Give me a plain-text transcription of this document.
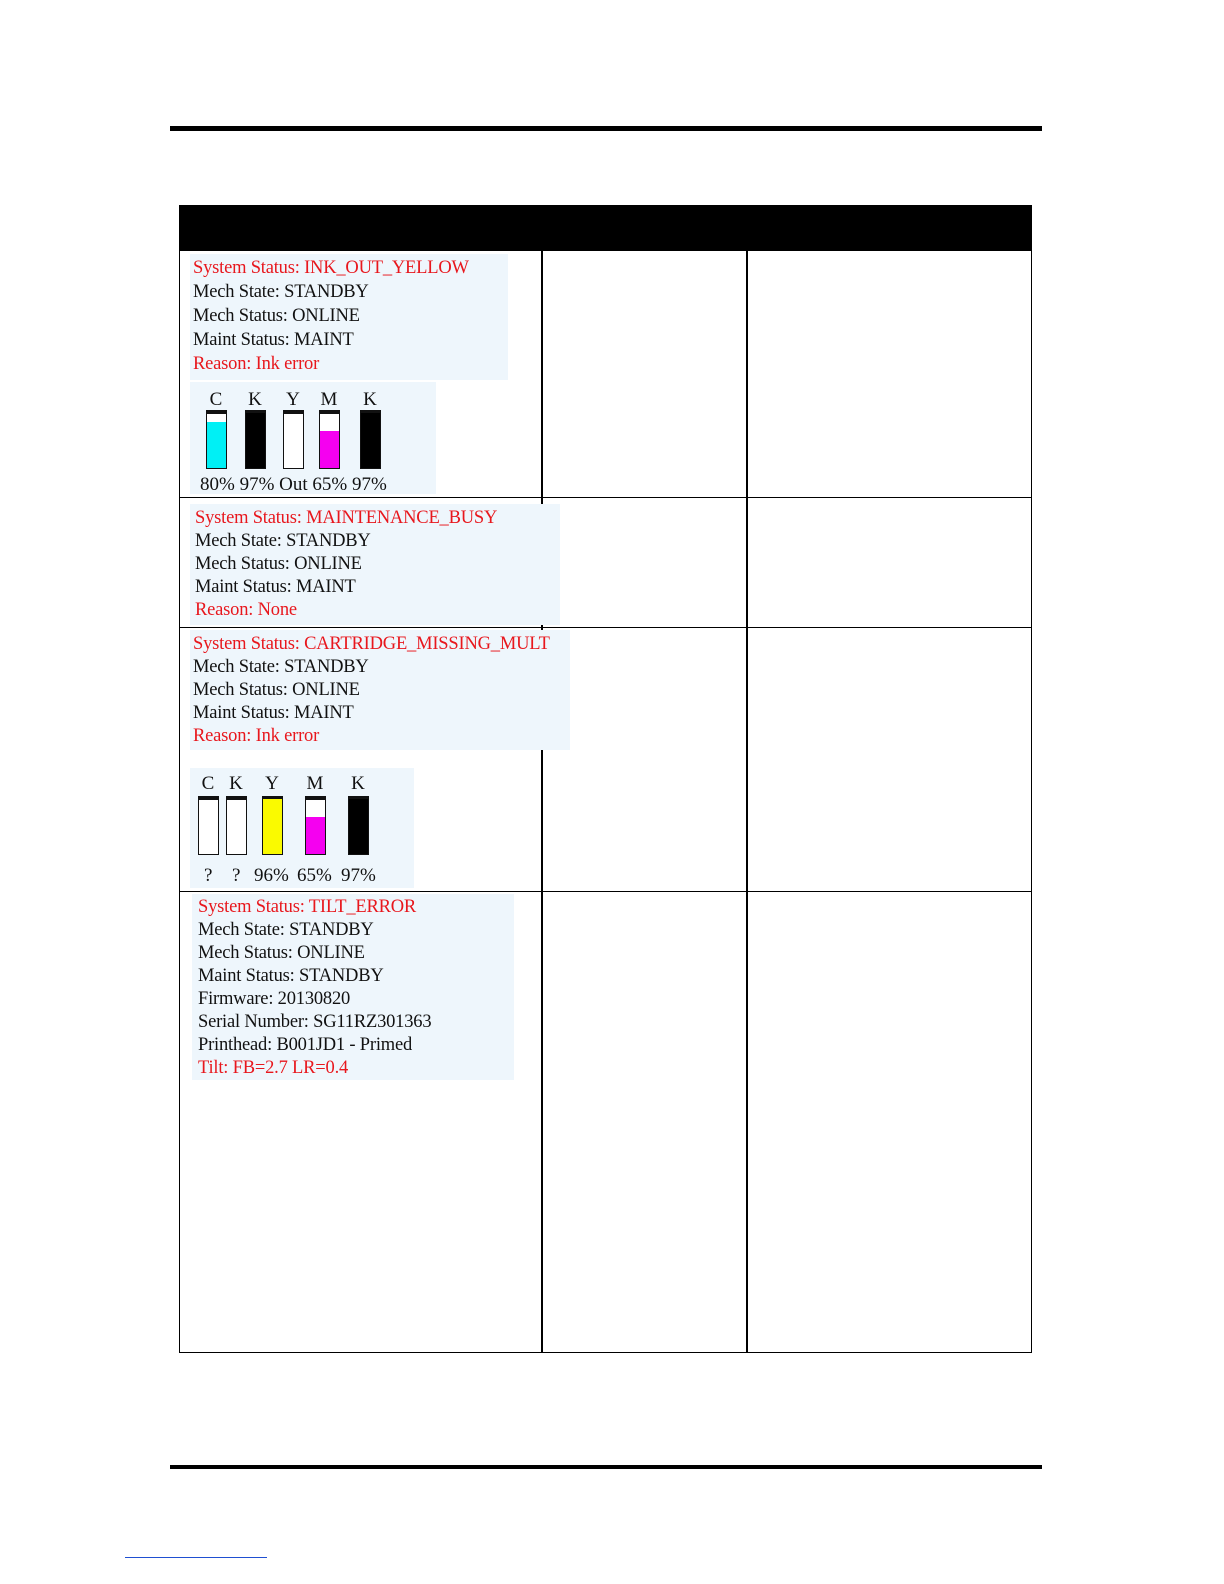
System Status: INK_OUT_YELLOW
Mech State: STANDBY
Mech Status: ONLINE
Maint Status: MAINT
Reason: Ink error
C	K	Y	M	K
80% 97% Out 65% 97%
System Status: MAINTENANCE_BUSY
Mech State: STANDBY
Mech Status: ONLINE
Maint Status: MAINT
Reason: None
System Status: CARTRIDGE_MISSING_MULT
Mech State: STANDBY
Mech Status: ONLINE
Maint Status: MAINT
Reason: Ink error
C K	Y	M	K
? ? 96% 65% 97%
System Status: TILT_ERROR
Mech State: STANDBY
Mech Status: ONLINE
Maint Status: STANDBY
Firmware: 20130820
Serial Number: SG11RZ301363
Printhead: B001JD1 - Primed
Tilt: FB=2.7 LR=0.4
